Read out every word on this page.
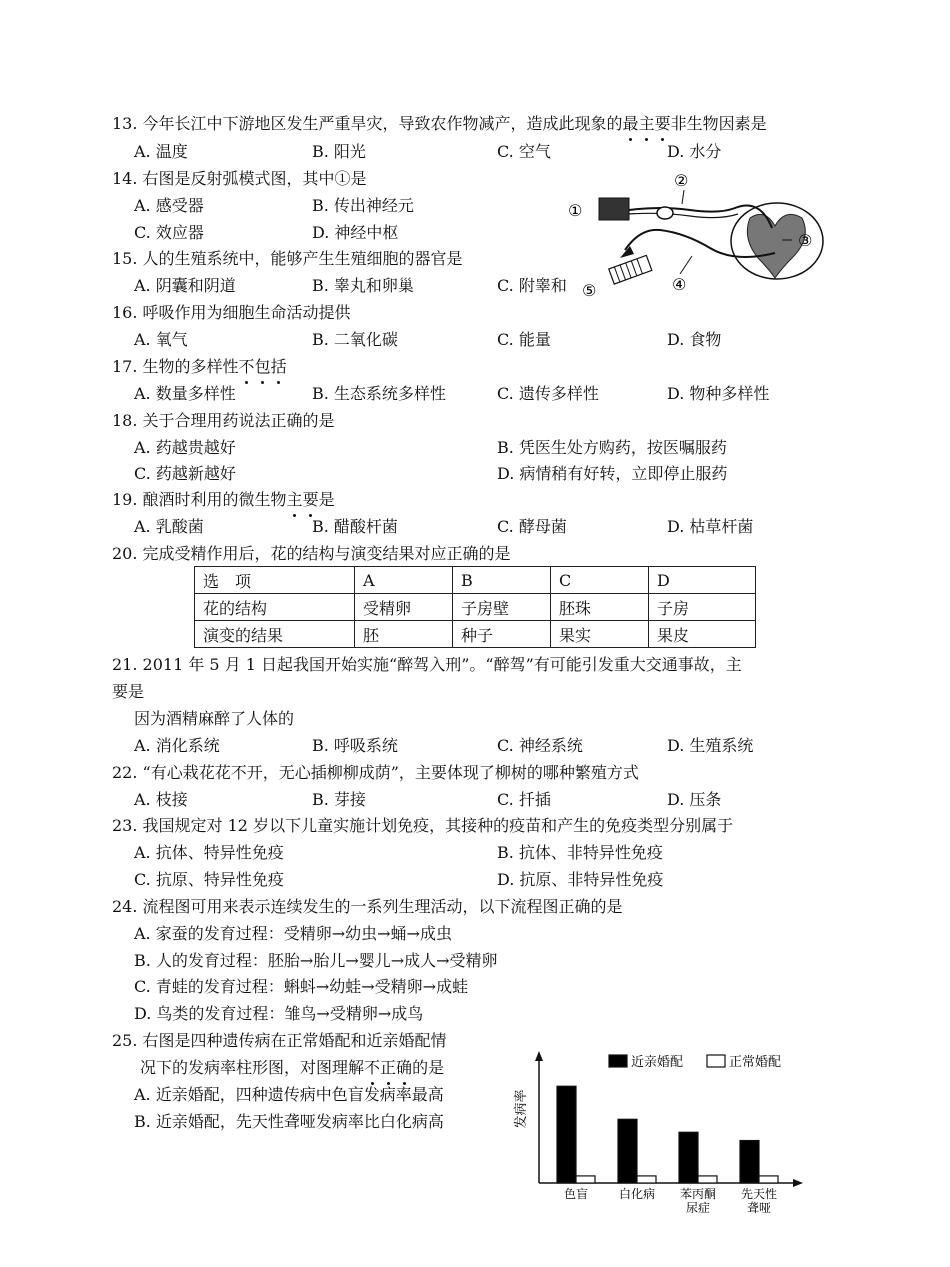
13. 今年长江中下游地区发生严重旱灾，导致农作物减产，造成此现象的最主要非生物因素是
A. 温度	B. 阳光	C. 空气	D. 水分
14. 右图是反射弧模式图，其中①是
A. 感受器	B. 传出神经元
C. 效应器	D. 神经中枢
①
②
③
④
⑤
15. 人的生殖系统中，能够产生生殖细胞的器官是
A. 阴囊和阴道	B. 睾丸和卵巢	C. 附睾和
16. 呼吸作用为细胞生命活动提供
A. 氧气	B. 二氧化碳	C. 能量	D. 食物
17. 生物的多样性不包括
A. 数量多样性	B. 生态系统多样性	C. 遗传多样性	D. 物种多样性
18. 关于合理用药说法正确的是
A. 药越贵越好	B. 凭医生处方购药，按医嘱服药
C. 药越新越好	D. 病情稍有好转，立即停止服药
19. 酿酒时利用的微生物主要是
A. 乳酸菌	B. 醋酸杆菌	C. 酵母菌	D. 枯草杆菌
20. 完成受精作用后，花的结构与演变结果对应正确的是
选　项	A	B	C	D
花的结构	受精卵	子房壁	胚珠	子房
演变的结果	胚	种子	果实	果皮
21. 2011 年 5 月 1 日起我国开始实施“醉驾入刑”。“醉驾”有可能引发重大交通事故，主
要是
因为酒精麻醉了人体的
A. 消化系统	B. 呼吸系统	C. 神经系统	D. 生殖系统
22. “有心栽花花不开，无心插柳柳成荫”，主要体现了柳树的哪种繁殖方式
A. 枝接	B. 芽接	C. 扦插	D. 压条
23. 我国规定对 12 岁以下儿童实施计划免疫，其接种的疫苗和产生的免疫类型分别属于
A. 抗体、特异性免疫	B. 抗体、非特异性免疫
C. 抗原、特异性免疫	D. 抗原、非特异性免疫
24. 流程图可用来表示连续发生的一系列生理活动，以下流程图正确的是
A. 家蚕的发育过程：受精卵→幼虫→蛹→成虫
B. 人的发育过程：胚胎→胎儿→婴儿→成人→受精卵
C. 青蛙的发育过程：蝌蚪→幼蛙→受精卵→成蛙
D. 鸟类的发育过程：雏鸟→受精卵→成鸟
25. 右图是四种遗传病在正常婚配和近亲婚配情
况下的发病率柱形图，对图理解不正确的是
A. 近亲婚配，四种遗传病中色盲发病率最高
B. 近亲婚配，先天性聋哑发病率比白化病高	发病率
近亲婚配	正常婚配
色盲	白化病 苯丙酮
尿症
先天性
聋哑
